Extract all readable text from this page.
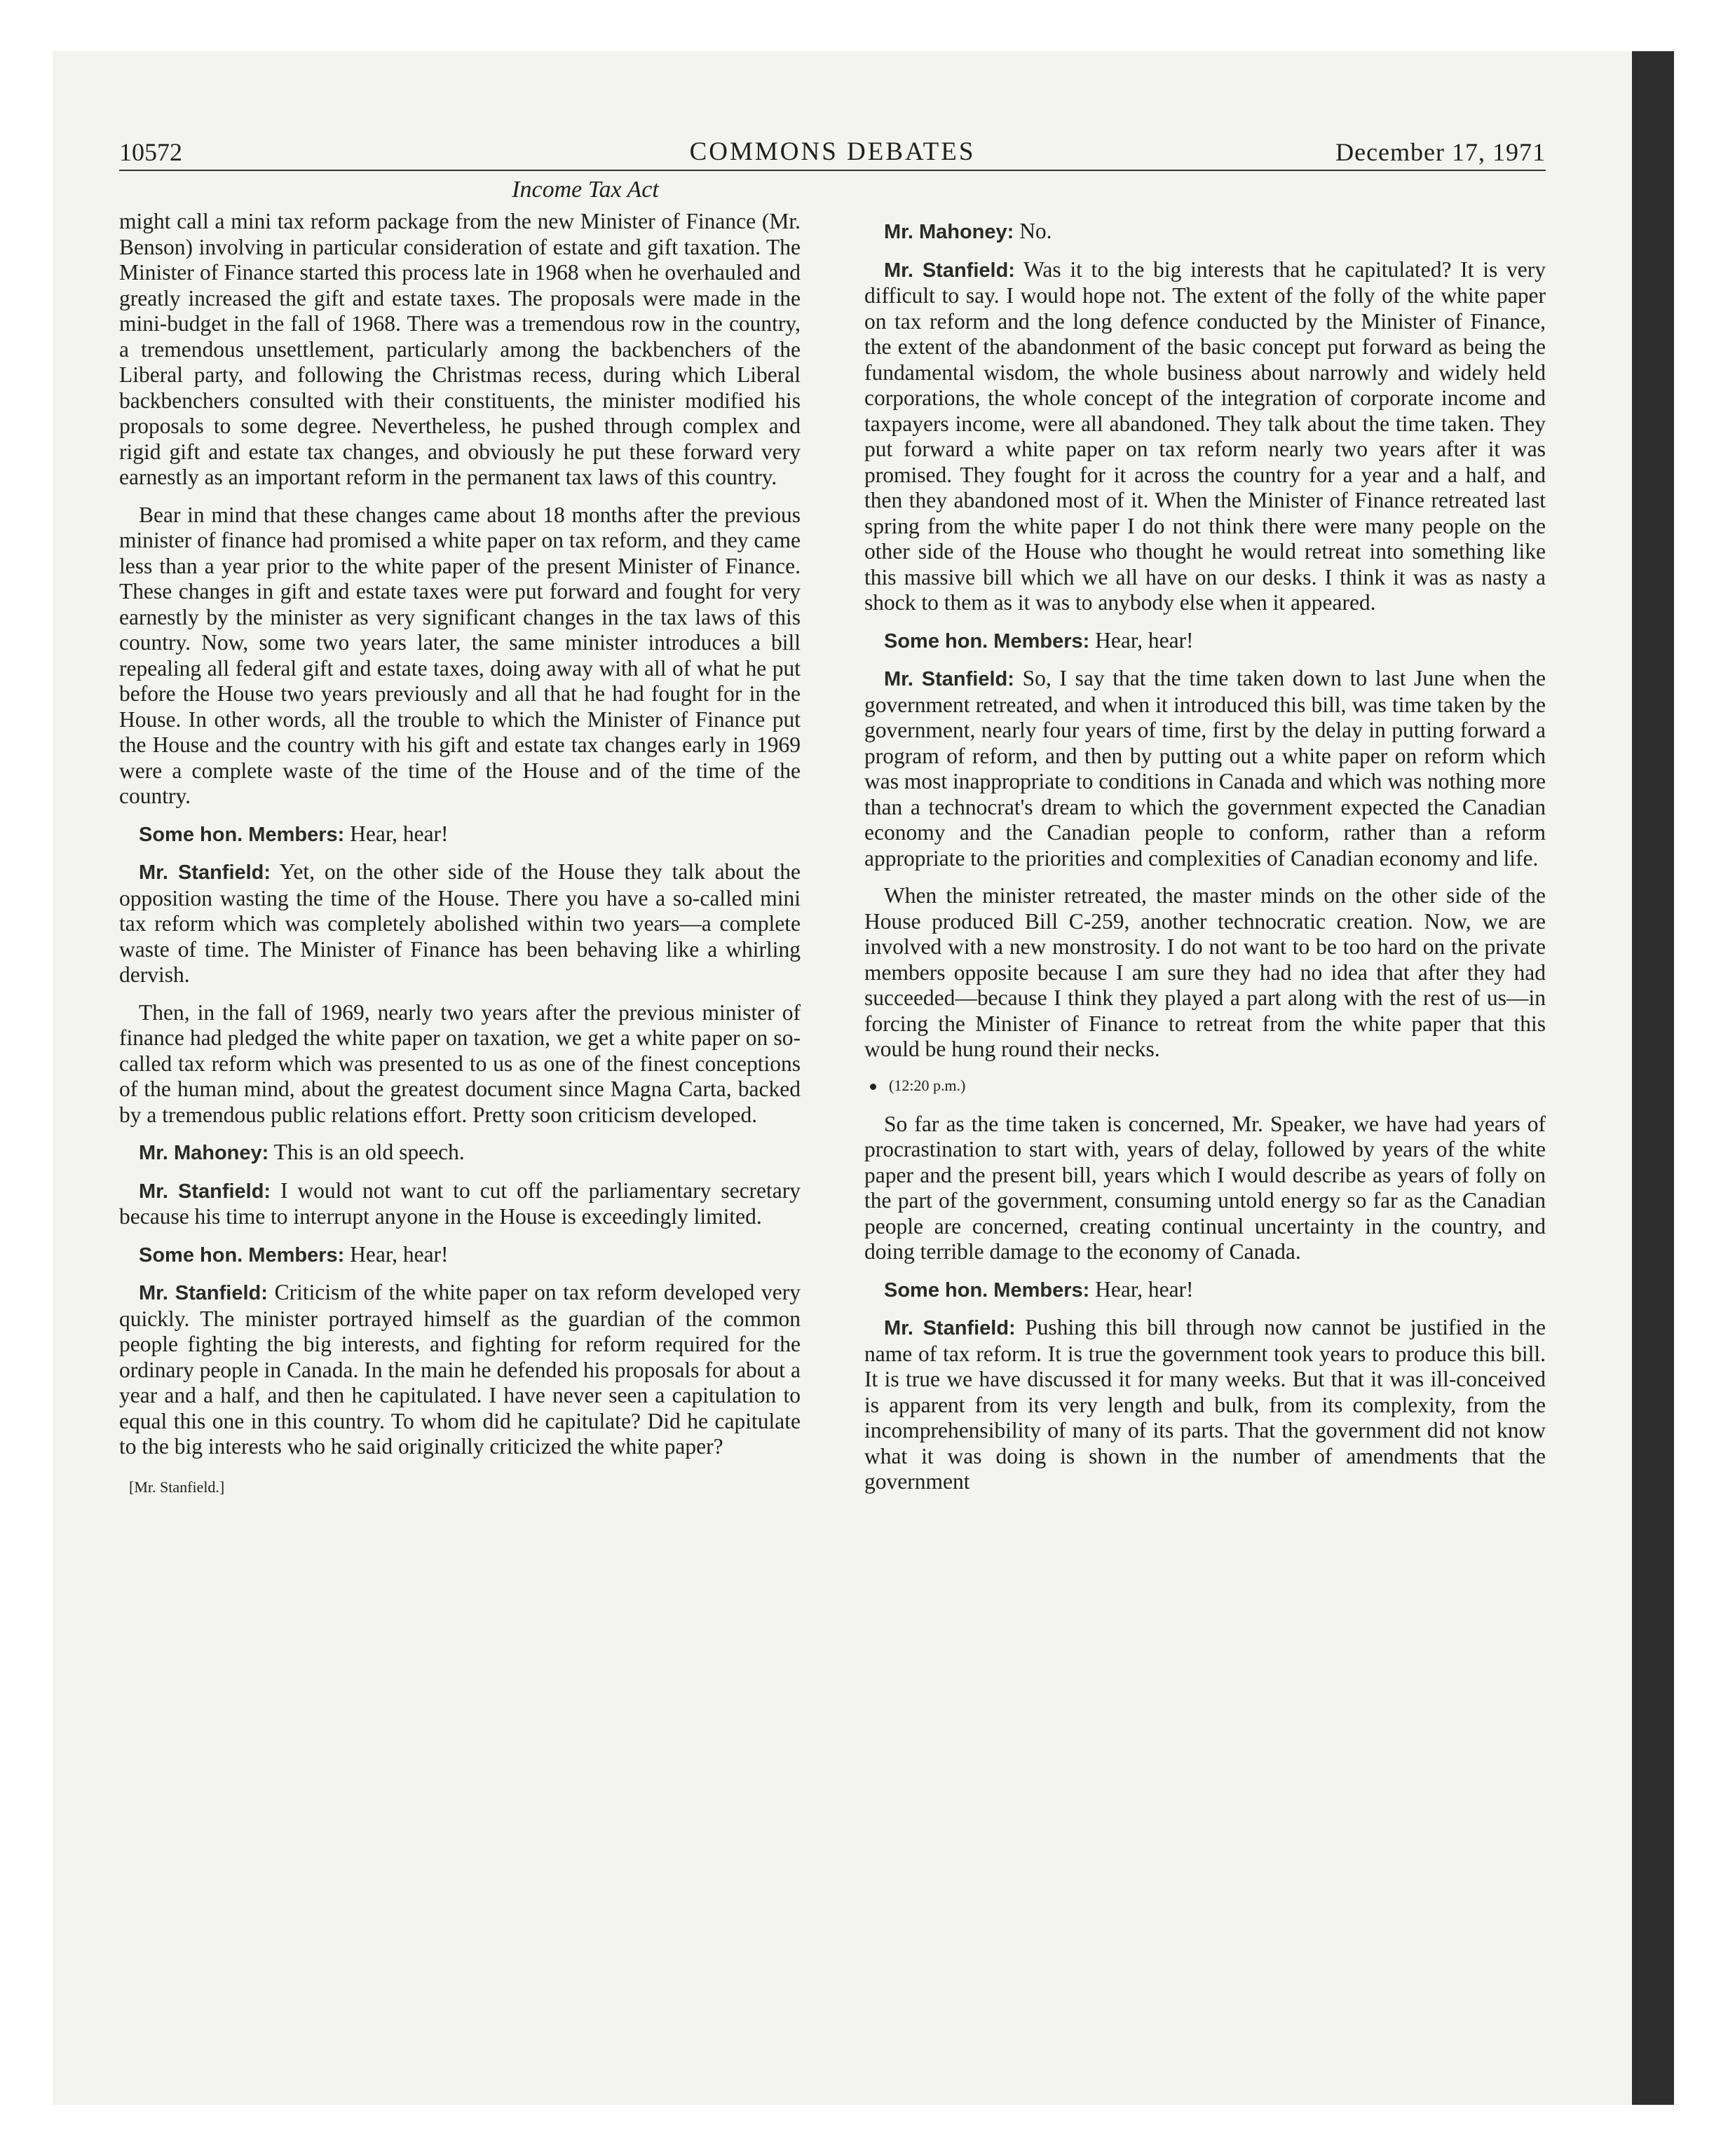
10572	COMMONS DEBATES	December 17, 1971
Income Tax Act

might call a mini tax reform package from the new Minister of Finance (Mr. Benson) involving in particular consideration of estate and gift taxation. The Minister of Finance started this process late in 1968 when he overhauled and greatly increased the gift and estate taxes. The proposals were made in the mini-budget in the fall of 1968. There was a tremendous row in the country, a tremendous unsettlement, particularly among the backbenchers of the Liberal party, and following the Christmas recess, during which Liberal backbenchers consulted with their constituents, the minister modified his proposals to some degree. Nevertheless, he pushed through complex and rigid gift and estate tax changes, and obviously he put these forward very earnestly as an important reform in the permanent tax laws of this country.

Bear in mind that these changes came about 18 months after the previous minister of finance had promised a white paper on tax reform, and they came less than a year prior to the white paper of the present Minister of Finance. These changes in gift and estate taxes were put forward and fought for very earnestly by the minister as very significant changes in the tax laws of this country. Now, some two years later, the same minister introduces a bill repealing all federal gift and estate taxes, doing away with all of what he put before the House two years previously and all that he had fought for in the House. In other words, all the trouble to which the Minister of Finance put the House and the country with his gift and estate tax changes early in 1969 were a complete waste of the time of the House and of the time of the country.

Some hon. Members: Hear, hear!

Mr. Stanfield: Yet, on the other side of the House they talk about the opposition wasting the time of the House. There you have a so-called mini tax reform which was completely abolished within two years—a complete waste of time. The Minister of Finance has been behaving like a whirling dervish.

Then, in the fall of 1969, nearly two years after the previous minister of finance had pledged the white paper on taxation, we get a white paper on so-called tax reform which was presented to us as one of the finest conceptions of the human mind, about the greatest document since Magna Carta, backed by a tremendous public relations effort. Pretty soon criticism developed.

Mr. Mahoney: This is an old speech.

Mr. Stanfield: I would not want to cut off the parliamentary secretary because his time to interrupt anyone in the House is exceedingly limited.

Some hon. Members: Hear, hear!

Mr. Stanfield: Criticism of the white paper on tax reform developed very quickly. The minister portrayed himself as the guardian of the common people fighting the big interests, and fighting for reform required for the ordinary people in Canada. In the main he defended his proposals for about a year and a half, and then he capitulated. I have never seen a capitulation to equal this one in this country. To whom did he capitulate? Did he capitulate to the big interests who he said originally criticized the white paper?

[Mr. Stanfield.]

Mr. Mahoney: No.

Mr. Stanfield: Was it to the big interests that he capitulated? It is very difficult to say. I would hope not. The extent of the folly of the white paper on tax reform and the long defence conducted by the Minister of Finance, the extent of the abandonment of the basic concept put forward as being the fundamental wisdom, the whole business about narrowly and widely held corporations, the whole concept of the integration of corporate income and taxpayers income, were all abandoned. They talk about the time taken. They put forward a white paper on tax reform nearly two years after it was promised. They fought for it across the country for a year and a half, and then they abandoned most of it. When the Minister of Finance retreated last spring from the white paper I do not think there were many people on the other side of the House who thought he would retreat into something like this massive bill which we all have on our desks. I think it was as nasty a shock to them as it was to anybody else when it appeared.

Some hon. Members: Hear, hear!

Mr. Stanfield: So, I say that the time taken down to last June when the government retreated, and when it introduced this bill, was time taken by the government, nearly four years of time, first by the delay in putting forward a program of reform, and then by putting out a white paper on reform which was most inappropriate to conditions in Canada and which was nothing more than a technocrat's dream to which the government expected the Canadian economy and the Canadian people to conform, rather than a reform appropriate to the priorities and complexities of Canadian economy and life.

When the minister retreated, the master minds on the other side of the House produced Bill C-259, another technocratic creation. Now, we are involved with a new monstrosity. I do not want to be too hard on the private members opposite because I am sure they had no idea that after they had succeeded—because I think they played a part along with the rest of us—in forcing the Minister of Finance to retreat from the white paper that this would be hung round their necks.

(12:20 p.m.)

So far as the time taken is concerned, Mr. Speaker, we have had years of procrastination to start with, years of delay, followed by years of the white paper and the present bill, years which I would describe as years of folly on the part of the government, consuming untold energy so far as the Canadian people are concerned, creating continual uncertainty in the country, and doing terrible damage to the economy of Canada.

Some hon. Members: Hear, hear!

Mr. Stanfield: Pushing this bill through now cannot be justified in the name of tax reform. It is true the government took years to produce this bill. It is true we have discussed it for many weeks. But that it was ill-conceived is apparent from its very length and bulk, from its complexity, from the incomprehensibility of many of its parts. That the government did not know what it was doing is shown in the number of amendments that the government
